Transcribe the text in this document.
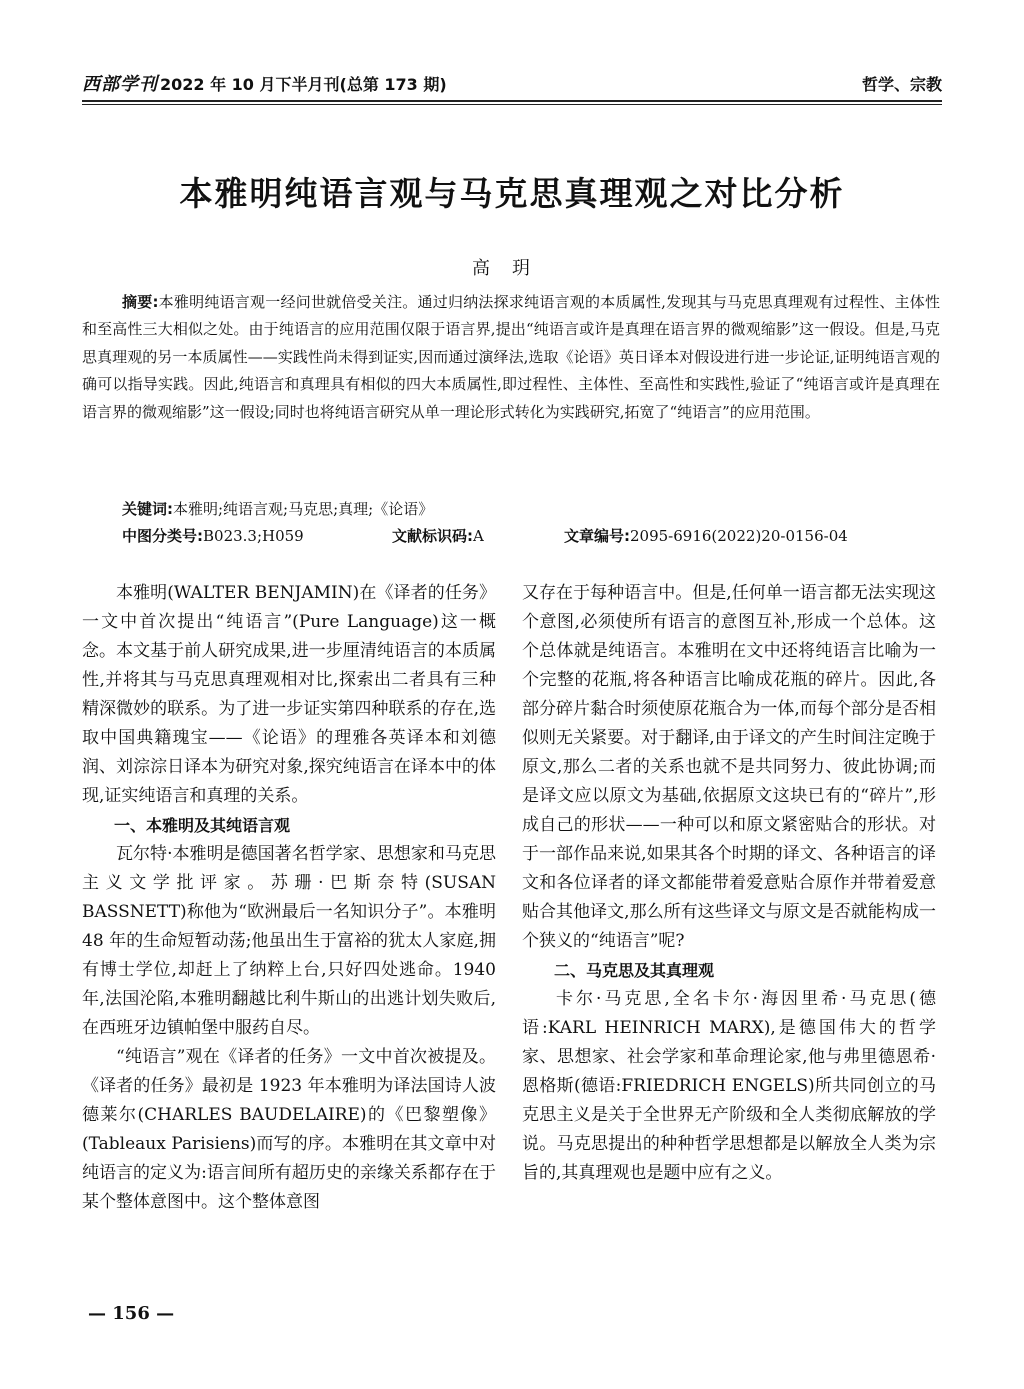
西部学刊 2022 年 10 月下半月刊(总第 173 期)	哲学、宗教
本雅明纯语言观与马克思真理观之对比分析
高玥
摘要:本雅明纯语言观一经问世就倍受关注。通过归纳法探求纯语言观的本质属性,发现其与马克思真理观有过程性、主体性和至高性三大相似之处。由于纯语言的应用范围仅限于语言界,提出“纯语言或许是真理在语言界的微观缩影”这一假设。但是,马克思真理观的另一本质属性——实践性尚未得到证实,因而通过演绎法,选取《论语》英日译本对假设进行进一步论证,证明纯语言观的确可以指导实践。因此,纯语言和真理具有相似的四大本质属性,即过程性、主体性、至高性和实践性,验证了“纯语言或许是真理在语言界的微观缩影”这一假设;同时也将纯语言研究从单一理论形式转化为实践研究,拓宽了“纯语言”的应用范围。
关键词:本雅明;纯语言观;马克思;真理;《论语》
中图分类号:B023.3;H059	文献标识码:A	文章编号:2095-6916(2022)20-0156-04

本雅明(WALTER BENJAMIN)在《译者的任务》一文中首次提出“纯语言”(Pure Language)这一概念。本文基于前人研究成果,进一步厘清纯语言的本质属性,并将其与马克思真理观相对比,探索出二者具有三种精深微妙的联系。为了进一步证实第四种联系的存在,选取中国典籍瑰宝——《论语》的理雅各英译本和刘德润、刘淙淙日译本为研究对象,探究纯语言在译本中的体现,证实纯语言和真理的关系。

一、本雅明及其纯语言观

瓦尔特·本雅明是德国著名哲学家、思想家和马克思主义文学批评家。苏珊·巴斯奈特(SUSAN BASSNETT)称他为“欧洲最后一名知识分子”。本雅明 48 年的生命短暂动荡;他虽出生于富裕的犹太人家庭,拥有博士学位,却赶上了纳粹上台,只好四处逃命。1940 年,法国沦陷,本雅明翻越比利牛斯山的出逃计划失败后,在西班牙边镇帕堡中服药自尽。

“纯语言”观在《译者的任务》一文中首次被提及。《译者的任务》最初是 1923 年本雅明为译法国诗人波德莱尔(CHARLES BAUDELAIRE)的《巴黎塑像》(Tableaux Parisiens)而写的序。本雅明在其文章中对纯语言的定义为:语言间所有超历史的亲缘关系都存在于某个整体意图中。这个整体意图

又存在于每种语言中。但是,任何单一语言都无法实现这个意图,必须使所有语言的意图互补,形成一个总体。这个总体就是纯语言。本雅明在文中还将纯语言比喻为一个完整的花瓶,将各种语言比喻成花瓶的碎片。因此,各部分碎片黏合时须使原花瓶合为一体,而每个部分是否相似则无关紧要。对于翻译,由于译文的产生时间注定晚于原文,那么二者的关系也就不是共同努力、彼此协调;而是译文应以原文为基础,依据原文这块已有的“碎片”,形成自己的形状——一种可以和原文紧密贴合的形状。对于一部作品来说,如果其各个时期的译文、各种语言的译文和各位译者的译文都能带着爱意贴合原作并带着爱意贴合其他译文,那么所有这些译文与原文是否就能构成一个狭义的“纯语言”呢?

二、马克思及其真理观

卡尔·马克思,全名卡尔·海因里希·马克思(德语:KARL HEINRICH MARX),是德国伟大的哲学家、思想家、社会学家和革命理论家,他与弗里德恩希·恩格斯(德语:FRIEDRICH ENGELS)所共同创立的马克思主义是关于全世界无产阶级和全人类彻底解放的学说。马克思提出的种种哲学思想都是以解放全人类为宗旨的,其真理观也是题中应有之义。

— 156 —
